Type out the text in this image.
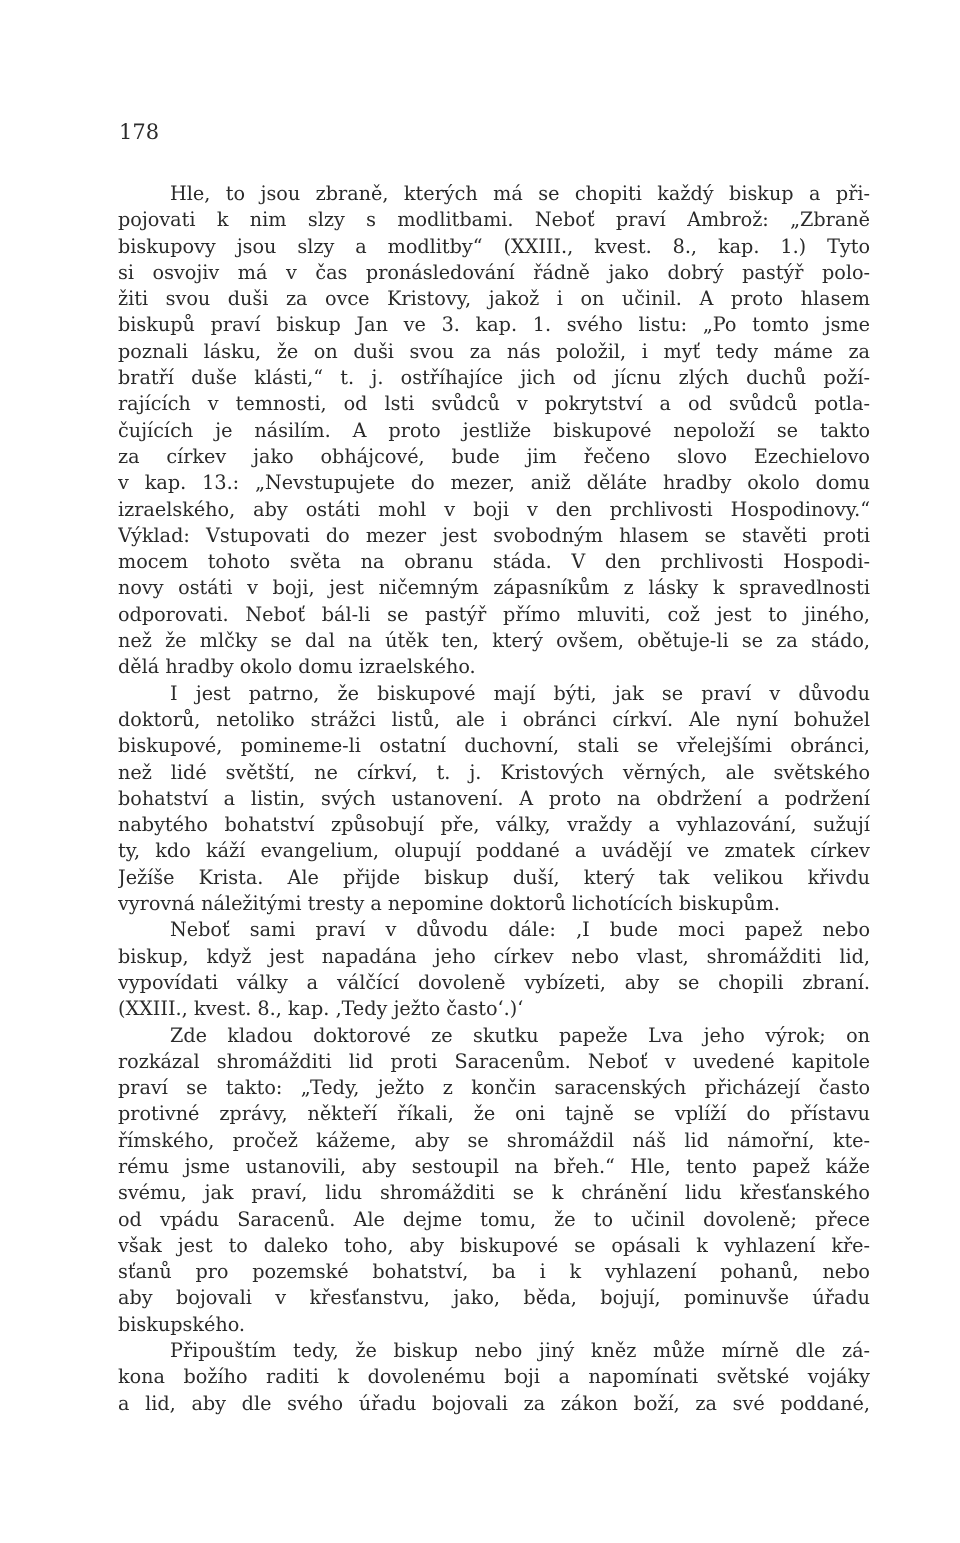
178
Hle, to jsou zbraně, kterých má se chopiti každý biskup a při-
pojovati k nim slzy s modlitbami. Neboť praví Ambrož: „Zbraně
biskupovy jsou slzy a modlitby“ (XXIII., kvest. 8., kap. 1.) Tyto
si osvojiv má v čas pronásledování řádně jako dobrý pastýř polo-
žiti svou duši za ovce Kristovy, jakož i on učinil. A proto hlasem
biskupů praví biskup Jan ve 3. kap. 1. svého listu: „Po tomto jsme
poznali lásku, že on duši svou za nás položil, i myť tedy máme za
bratří duše klásti,“ t. j. ostříhajíce jich od jícnu zlých duchů poží-
rajících v temnosti, od lsti svůdců v pokrytství a od svůdců potla-
čujících je násilím. A proto jestliže biskupové nepoloží se takto
za církev jako obhájcové, bude jim řečeno slovo Ezechielovo
v kap. 13.: „Nevstupujete do mezer, aniž děláte hradby okolo domu
izraelského, aby ostáti mohl v boji v den prchlivosti Hospodinovy.“
Výklad: Vstupovati do mezer jest svobodným hlasem se stavěti proti
mocem tohoto světa na obranu stáda. V den prchlivosti Hospodi-
novy ostáti v boji, jest ničemným zápasníkům z lásky k spravedlnosti
odporovati. Neboť bál-li se pastýř přímo mluviti, což jest to jiného,
než že mlčky se dal na útěk ten, který ovšem, obětuje-li se za stádo,
dělá hradby okolo domu izraelského.
I jest patrno, že biskupové mají býti, jak se praví v důvodu
doktorů, netoliko strážci listů, ale i obránci církví. Ale nyní bohužel
biskupové, pomineme-li ostatní duchovní, stali se vřelejšími obránci,
než lidé světští, ne církví, t. j. Kristových věrných, ale světského
bohatství a listin, svých ustanovení. A proto na obdržení a podržení
nabytého bohatství způsobují pře, války, vraždy a vyhlazování, sužují
ty, kdo káží evangelium, olupují poddané a uvádějí ve zmatek církev
Ježíše Krista. Ale přijde biskup duší, který tak velikou křivdu
vyrovná náležitými tresty a nepomine doktorů lichotících biskupům.
Neboť sami praví v důvodu dále: ‚I bude moci papež nebo
biskup, když jest napadána jeho církev nebo vlast, shromážditi lid,
vypovídati války a válčící dovoleně vybízeti, aby se chopili zbraní.
(XXIII., kvest. 8., kap. ‚Tedy ježto často‘.)‘
Zde kladou doktorové ze skutku papeže Lva jeho výrok; on
rozkázal shromážditi lid proti Saracenům. Neboť v uvedené kapitole
praví se takto: „Tedy, ježto z končin saracenských přicházejí často
protivné zprávy, někteří říkali, že oni tajně se vplíží do přístavu
římského, pročež kážeme, aby se shromáždil náš lid námořní, kte-
rému jsme ustanovili, aby sestoupil na břeh.“ Hle, tento papež káže
svému, jak praví, lidu shromážditi se k chránění lidu křesťanského
od vpádu Saracenů. Ale dejme tomu, že to učinil dovoleně; přece
však jest to daleko toho, aby biskupové se opásali k vyhlazení kře-
sťanů pro pozemské bohatství, ba i k vyhlazení pohanů, nebo
aby bojovali v křesťanstvu, jako, běda, bojují, pominuvše úřadu
biskupského.
Připouštím tedy, že biskup nebo jiný kněz může mírně dle zá-
kona božího raditi k dovolenému boji a napomínati světské vojáky
a lid, aby dle svého úřadu bojovali za zákon boží, za své poddané,
